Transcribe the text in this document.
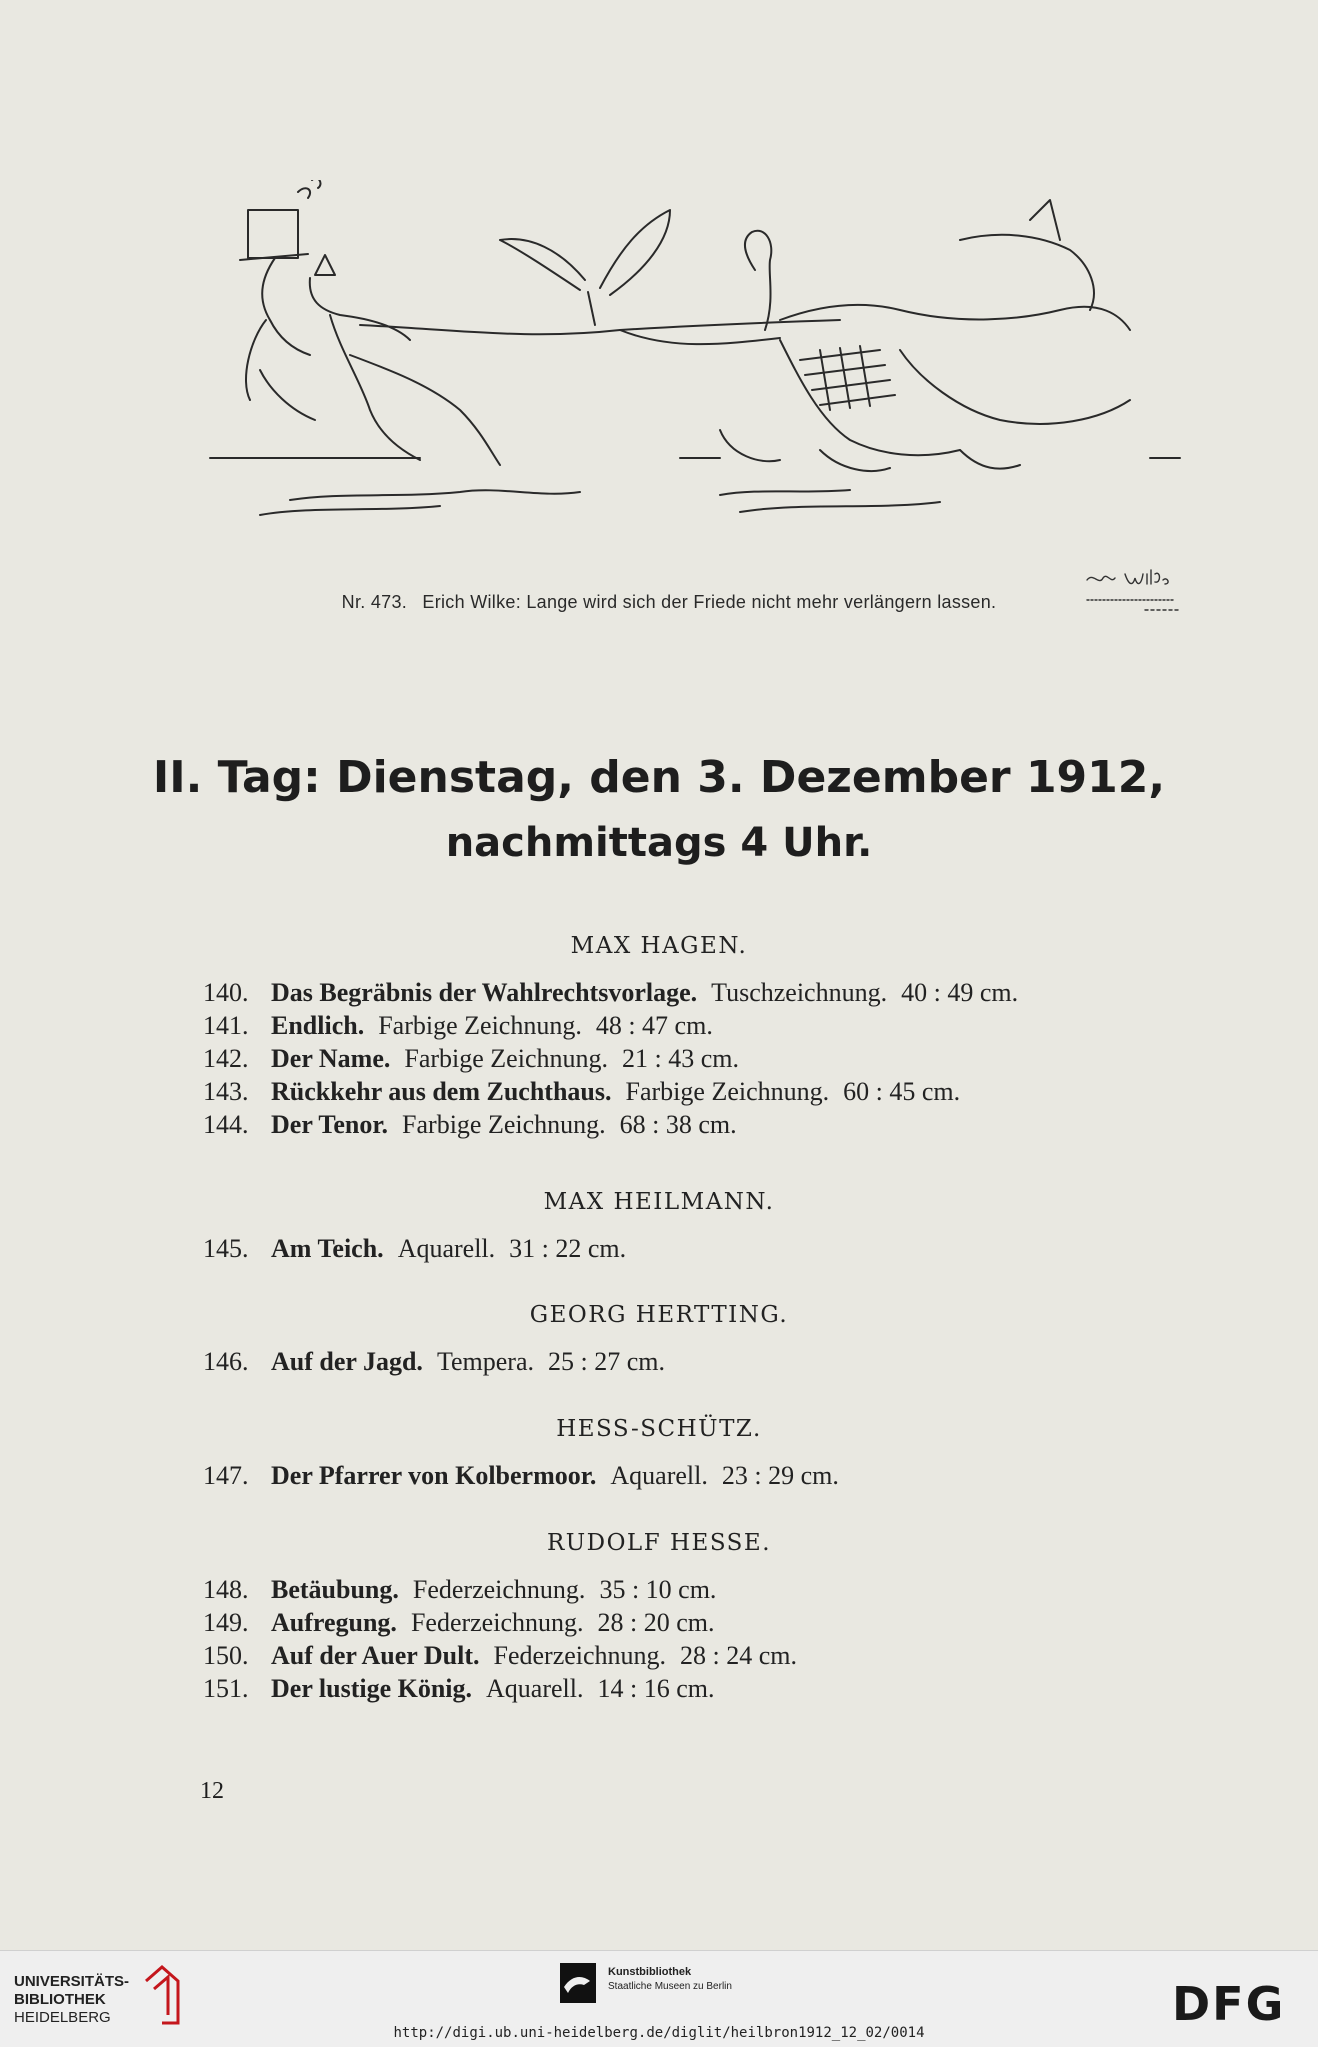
Nr. 473. Erich Wilke: Lange wird sich der Friede nicht mehr verlängern lassen.
II. Tag: Dienstag, den 3. Dezember 1912,
nachmittags 4 Uhr.
MAX HAGEN.
140. Das Begräbnis der Wahlrechtsvorlage. Tuschzeichnung. 40 : 49 cm.
141. Endlich. Farbige Zeichnung. 48 : 47 cm.
142. Der Name. Farbige Zeichnung. 21 : 43 cm.
143. Rückkehr aus dem Zuchthaus. Farbige Zeichnung. 60 : 45 cm.
144. Der Tenor. Farbige Zeichnung. 68 : 38 cm.
MAX HEILMANN.
145. Am Teich. Aquarell. 31 : 22 cm.
GEORG HERTTING.
146. Auf der Jagd. Tempera. 25 : 27 cm.
HESS-SCHÜTZ.
147. Der Pfarrer von Kolbermoor. Aquarell. 23 : 29 cm.
RUDOLF HESSE.
148. Betäubung. Federzeichnung. 35 : 10 cm.
149. Aufregung. Federzeichnung. 28 : 20 cm.
150. Auf der Auer Dult. Federzeichnung. 28 : 24 cm.
151. Der lustige König. Aquarell. 14 : 16 cm.
12
UNIVERSITÄTS-
BIBLIOTHEK
HEIDELBERG
Kunstbibliothek
Staatliche Museen zu Berlin	DFG
http://digi.ub.uni-heidelberg.de/diglit/heilbron1912_12_02/0014
